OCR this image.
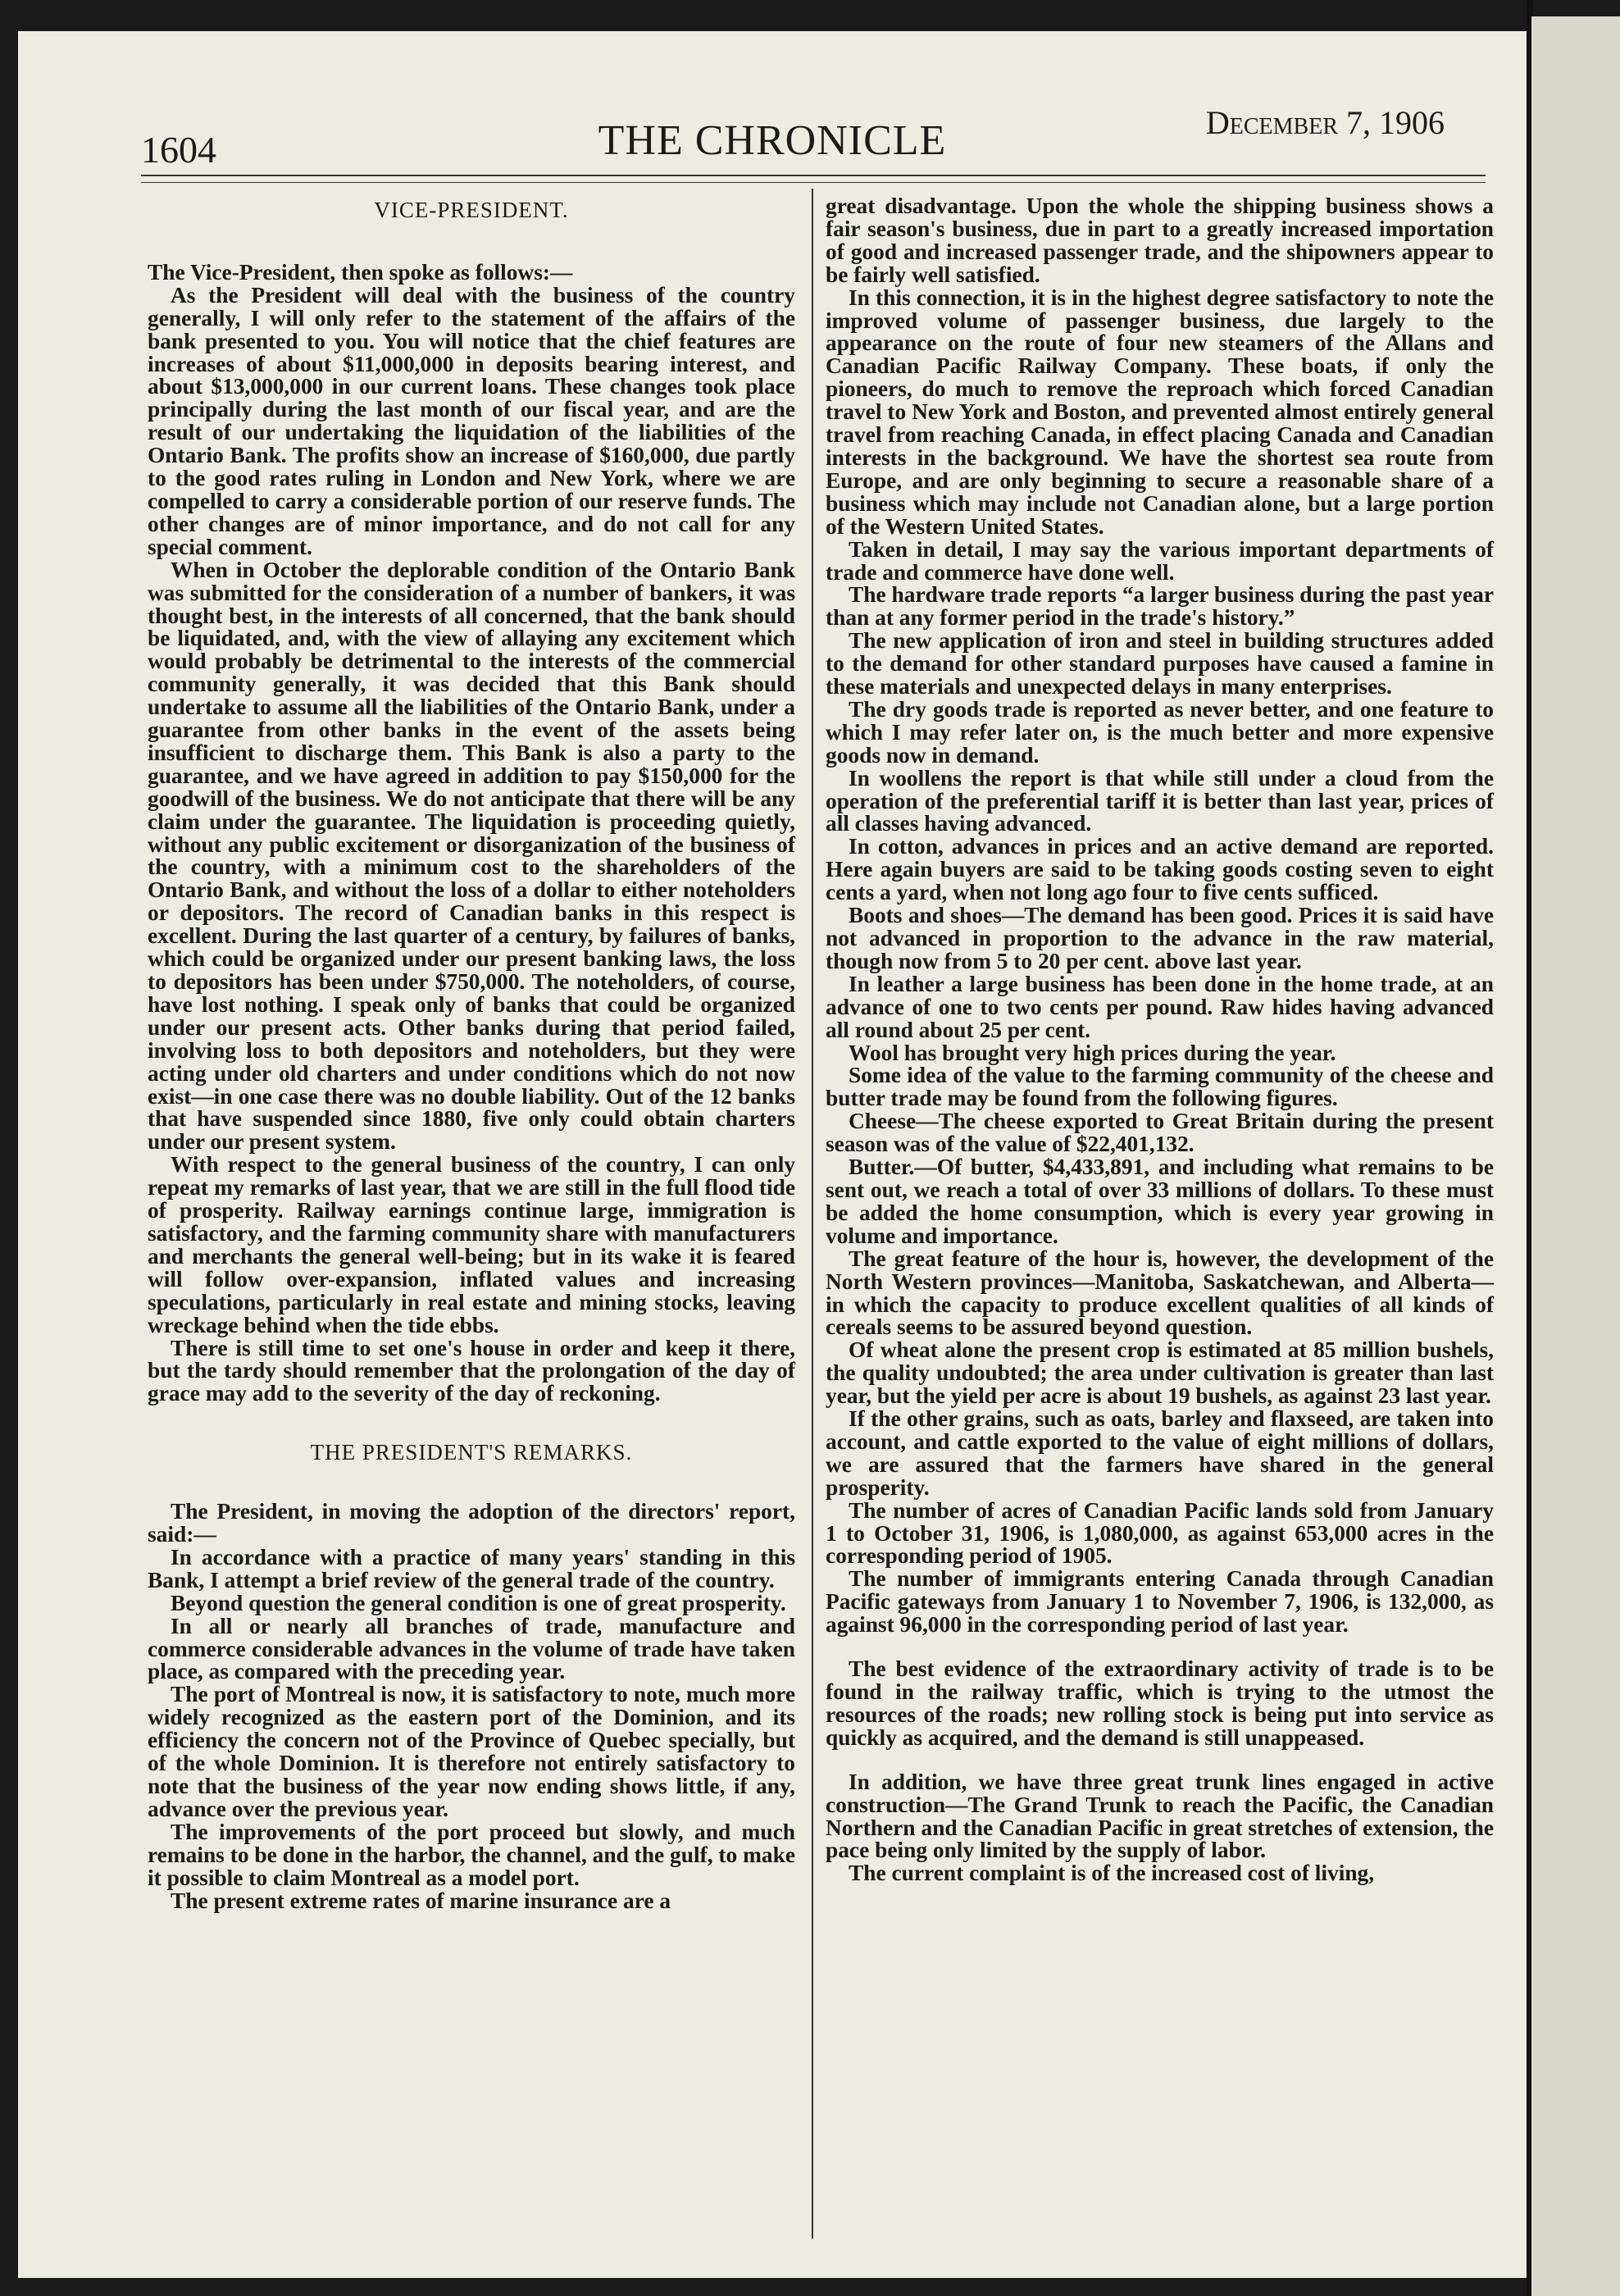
1604	THE CHRONICLE	December 7, 1906
VICE-PRESIDENT.

The Vice-President, then spoke as follows:—

As the President will deal with the business of the country generally, I will only refer to the statement of the affairs of the bank presented to you. You will notice that the chief features are increases of about $11,000,000 in deposits bearing interest, and about $13,000,000 in our current loans. These changes took place principally during the last month of our fiscal year, and are the result of our undertaking the liquidation of the liabilities of the Ontario Bank. The profits show an increase of $160,000, due partly to the good rates ruling in London and New York, where we are compelled to carry a considerable portion of our reserve funds. The other changes are of minor importance, and do not call for any special comment.

When in October the deplorable condition of the Ontario Bank was submitted for the consideration of a number of bankers, it was thought best, in the interests of all concerned, that the bank should be liquidated, and, with the view of allaying any excitement which would probably be detrimental to the interests of the commercial community generally, it was decided that this Bank should undertake to assume all the liabilities of the Ontario Bank, under a guarantee from other banks in the event of the assets being insufficient to discharge them. This Bank is also a party to the guarantee, and we have agreed in addition to pay $150,000 for the goodwill of the business. We do not anticipate that there will be any claim under the guarantee. The liquidation is proceeding quietly, without any public excitement or disorganization of the business of the country, with a minimum cost to the shareholders of the Ontario Bank, and without the loss of a dollar to either noteholders or depositors. The record of Canadian banks in this respect is excellent. During the last quarter of a century, by failures of banks, which could be organized under our present banking laws, the loss to depositors has been under $750,000. The noteholders, of course, have lost nothing. I speak only of banks that could be organized under our present acts. Other banks during that period failed, involving loss to both depositors and noteholders, but they were acting under old charters and under conditions which do not now exist—in one case there was no double liability. Out of the 12 banks that have suspended since 1880, five only could obtain charters under our present system.

With respect to the general business of the country, I can only repeat my remarks of last year, that we are still in the full flood tide of prosperity. Railway earnings continue large, immigration is satisfactory, and the farming community share with manufacturers and merchants the general well-being; but in its wake it is feared will follow over-expansion, inflated values and increasing speculations, particularly in real estate and mining stocks, leaving wreckage behind when the tide ebbs.

There is still time to set one's house in order and keep it there, but the tardy should remember that the prolongation of the day of grace may add to the severity of the day of reckoning.

THE PRESIDENT'S REMARKS.

The President, in moving the adoption of the directors' report, said:—

In accordance with a practice of many years' standing in this Bank, I attempt a brief review of the general trade of the country.

Beyond question the general condition is one of great prosperity.

In all or nearly all branches of trade, manufacture and commerce considerable advances in the volume of trade have taken place, as compared with the preceding year.

The port of Montreal is now, it is satisfactory to note, much more widely recognized as the eastern port of the Dominion, and its efficiency the concern not of the Province of Quebec specially, but of the whole Dominion. It is therefore not entirely satisfactory to note that the business of the year now ending shows little, if any, advance over the previous year.

The improvements of the port proceed but slowly, and much remains to be done in the harbor, the channel, and the gulf, to make it possible to claim Montreal as a model port.

The present extreme rates of marine insurance are a

great disadvantage. Upon the whole the shipping business shows a fair season's business, due in part to a greatly increased importation of good and increased passenger trade, and the shipowners appear to be fairly well satisfied.

In this connection, it is in the highest degree satisfactory to note the improved volume of passenger business, due largely to the appearance on the route of four new steamers of the Allans and Canadian Pacific Railway Company. These boats, if only the pioneers, do much to remove the reproach which forced Canadian travel to New York and Boston, and prevented almost entirely general travel from reaching Canada, in effect placing Canada and Canadian interests in the background. We have the shortest sea route from Europe, and are only beginning to secure a reasonable share of a business which may include not Canadian alone, but a large portion of the Western United States.

Taken in detail, I may say the various important departments of trade and commerce have done well.

The hardware trade reports “a larger business during the past year than at any former period in the trade's history.”

The new application of iron and steel in building structures added to the demand for other standard purposes have caused a famine in these materials and unexpected delays in many enterprises.

The dry goods trade is reported as never better, and one feature to which I may refer later on, is the much better and more expensive goods now in demand.

In woollens the report is that while still under a cloud from the operation of the preferential tariff it is better than last year, prices of all classes having advanced.

In cotton, advances in prices and an active demand are reported. Here again buyers are said to be taking goods costing seven to eight cents a yard, when not long ago four to five cents sufficed.

Boots and shoes—The demand has been good. Prices it is said have not advanced in proportion to the advance in the raw material, though now from 5 to 20 per cent. above last year.

In leather a large business has been done in the home trade, at an advance of one to two cents per pound. Raw hides having advanced all round about 25 per cent.

Wool has brought very high prices during the year.

Some idea of the value to the farming community of the cheese and butter trade may be found from the following figures.

Cheese—The cheese exported to Great Britain during the present season was of the value of $22,401,132.

Butter.—Of butter, $4,433,891, and including what remains to be sent out, we reach a total of over 33 millions of dollars. To these must be added the home consumption, which is every year growing in volume and importance.

The great feature of the hour is, however, the development of the North Western provinces—Manitoba, Saskatchewan, and Alberta—in which the capacity to produce excellent qualities of all kinds of cereals seems to be assured beyond question.

Of wheat alone the present crop is estimated at 85 million bushels, the quality undoubted; the area under cultivation is greater than last year, but the yield per acre is about 19 bushels, as against 23 last year.

If the other grains, such as oats, barley and flaxseed, are taken into account, and cattle exported to the value of eight millions of dollars, we are assured that the farmers have shared in the general prosperity.

The number of acres of Canadian Pacific lands sold from January 1 to October 31, 1906, is 1,080,000, as against 653,000 acres in the corresponding period of 1905.

The number of immigrants entering Canada through Canadian Pacific gateways from January 1 to November 7, 1906, is 132,000, as against 96,000 in the corresponding period of last year.

The best evidence of the extraordinary activity of trade is to be found in the railway traffic, which is trying to the utmost the resources of the roads; new rolling stock is being put into service as quickly as acquired, and the demand is still unappeased.

In addition, we have three great trunk lines engaged in active construction—The Grand Trunk to reach the Pacific, the Canadian Northern and the Canadian Pacific in great stretches of extension, the pace being only limited by the supply of labor.

The current complaint is of the increased cost of living,
